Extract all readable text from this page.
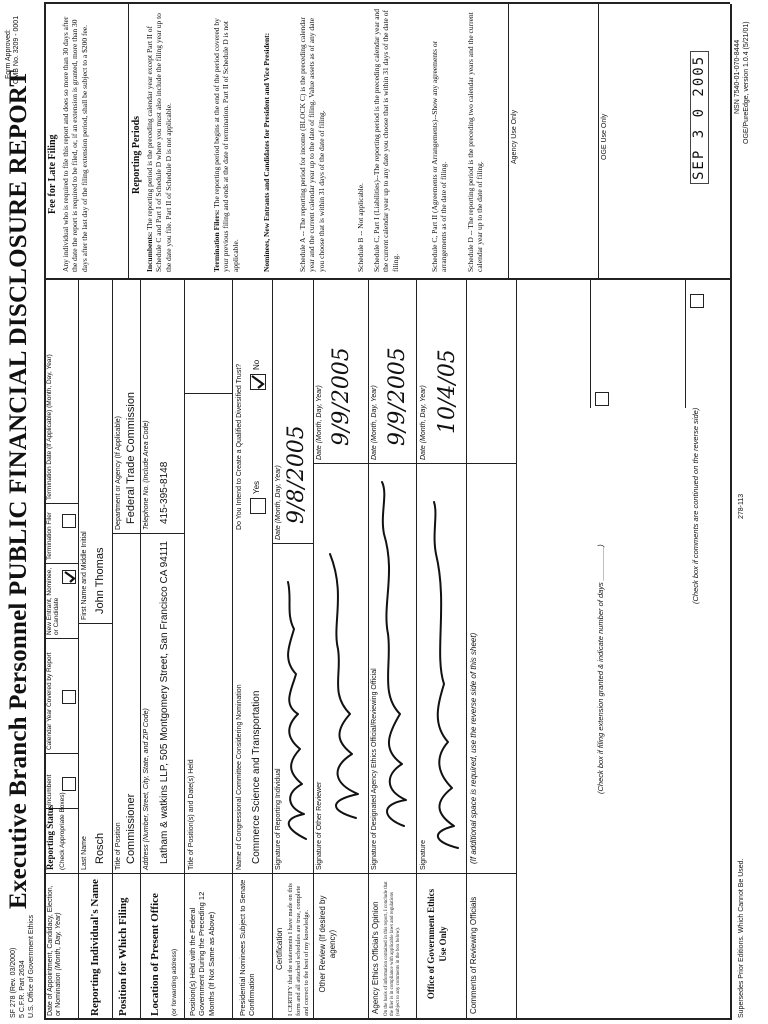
SF 278 (Rev. 03/2000) 5 C.F.R. Part 2634 U.S. Office of Government Ethics
Executive Branch Personnel PUBLIC FINANCIAL DISCLOSURE REPORT
Form Approved: OMB No. 3209 - 0001
Date of Appointment, Candidacy, Election, or Nomination (Month, Day, Year)
Reporting Status (Check Appropriate Boxes)
Incumbent
Calendar Year Covered by Report
New Entrant, Nominee, or Candidate
Termination Filer
Termination Date (If Applicable) (Month, Day, Year)
Reporting Individual's Name
Last Name Rosch
First Name and Middle Initial John Thomas
Position for Which Filing
Title of Position Commissioner
Department or Agency (If Applicable) Federal Trade Commission
Location of Present Office (or forwarding address)
Address (Number, Street, City, State, and ZIP Code) Latham & watkins LLP, 505 Montgomery Street, San Francisco CA 94111
Telephone No. (Include Area Code) 415-395-8148
Position(s) Held with the Federal Government During the Preceding 12 Months (If Not Same as Above)
Title of Position(s) and Date(s) Held
Presidential Nominees Subject to Senate Confirmation
Name of Congressional Committee Considering Nomination Commerce Science and Transportation
Do You Intend to Create a Qualified Diversified Trust? Yes
No
Certification I CERTIFY that the statements I have made on this form and all attached schedules are true, complete and correct to the best of my knowledge.
Signature of Reporting Individual
Date (Month, Day, Year) 9/8/2005
Other Review (If desired by agency)
Signature of Other Reviewer
Date (Month, Day, Year) 9/9/2005
Agency Ethics Official's Opinion On the basis of information contained in this report, I conclude that the filer is in compliance with applicable laws and regulations (subject to any comments in the box below).
Signature of Designated Agency Ethics Official/Reviewing Official
Date (Month, Day, Year) 9/9/2005
Office of Government Ethics Use Only
Signature
Date (Month, Day, Year) 10/4/05
Comments of Reviewing Officials
(If additional space is required, use the reverse side of this sheet)	(Check box if filing extension granted & indicate number of days ________)
(Check box if comments are continued on the reverse side)
Fee for Late Filing Any individual who is required to file this report and does so more than 30 days after the date the report is required to be filed, or, if an extension is granted, more than 30 days after the last day of the filing extension period, shall be subject to a $200 fee.	Reporting Periods
Incumbents: The reporting period is the preceding calendar year except Part II of Schedule C and Part I of Schedule D where you must also include the filing year up to the date you file. Part II of Schedule D is not applicable.	Termination Filers: The reporting period begins at the end of the period covered by your previous filing and ends at the date of termination. Part II of Schedule D is not applicable.	Nominees, New Entrants and Candidates for President and Vice President:	Schedule A -- The reporting period for income (BLOCK C) is the preceding calendar year and the current calendar year up to the date of filing. Value assets as of any date you choose that is within 31 days of the date of filing.	Schedule B -- Not applicable. Schedule C, Part I (Liabilities)--The reporting period is the preceding calendar year and the current calendar year up to any date you choose that is within 31 days of the date of filing.	Schedule C, Part II (Agreements or Arrangements)--Show any agreements or arrangements as of the date of filing. Schedule D -- The reporting period is the preceding two calendar years and the current calendar year up to the date of filing.
Agency Use Only	OGE Use Only	SEP 3 0 2005
Supersedes Prior Editions. Which Cannot Be Used.
278-113
NSN 7540-01-070-8444 OGE/PureEdge, version 1.0.4 (5/21/01)
